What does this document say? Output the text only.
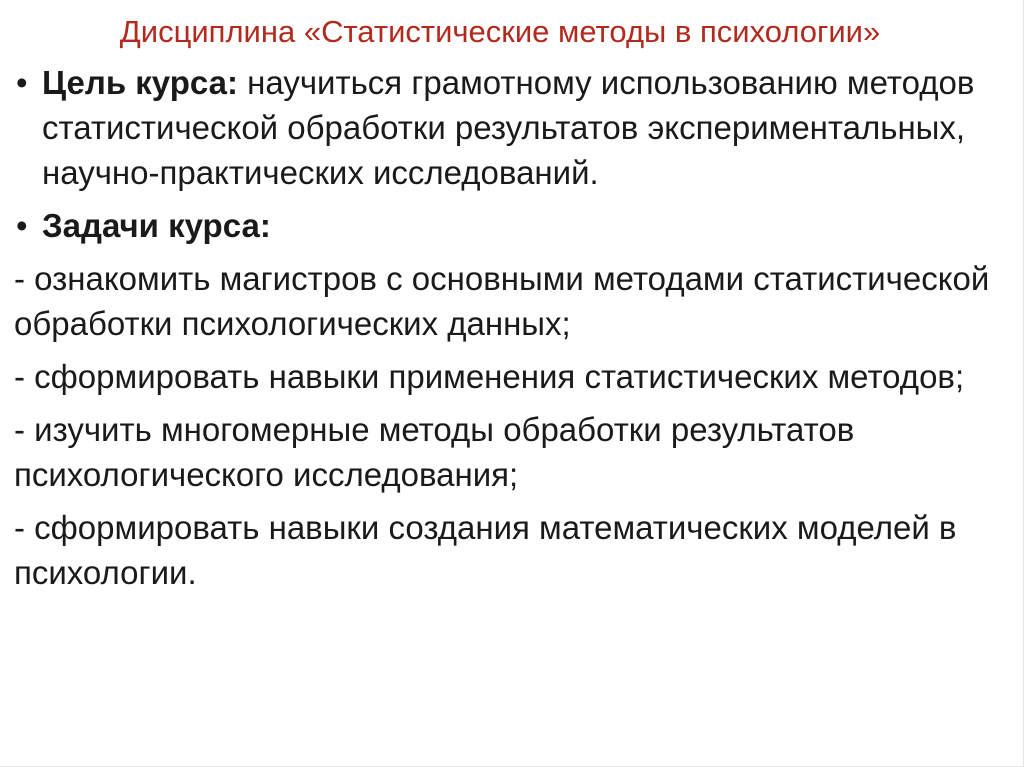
Дисциплина «Статистические методы в психологии»
• Цель курса: научиться грамотному использованию методов статистической обработки результатов экспериментальных, научно-практических исследований.
• Задачи курса:
- ознакомить магистров с основными методами статистической обработки психологических данных;
- сформировать навыки применения статистических методов;
- изучить многомерные методы обработки результатов психологического исследования;
- сформировать навыки создания математических моделей в психологии.
